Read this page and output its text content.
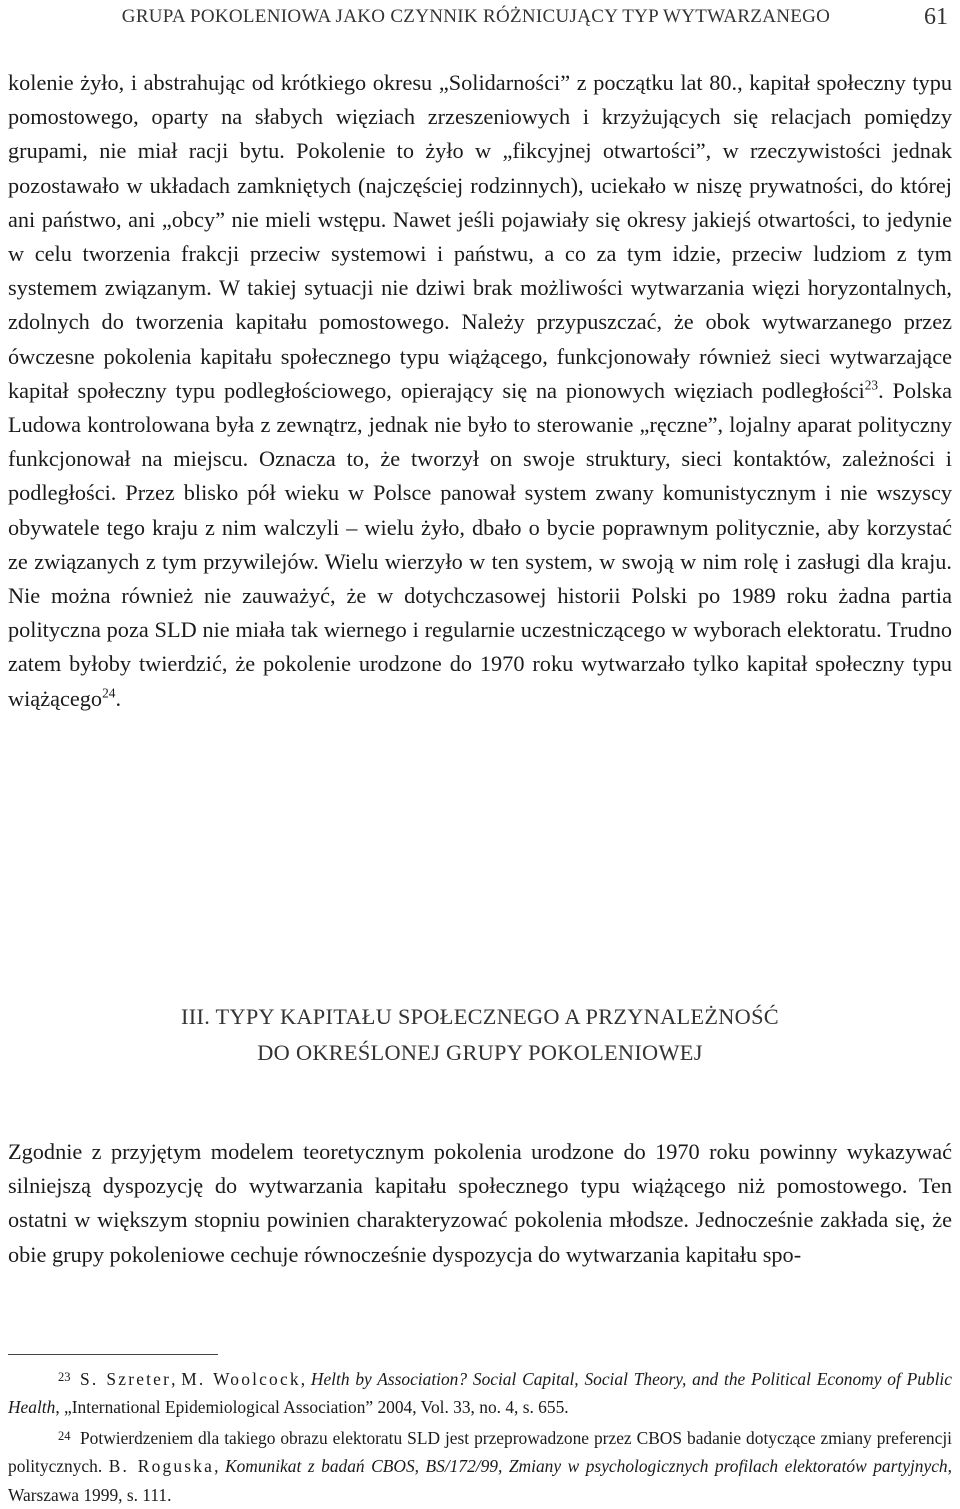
GRUPA POKOLENIOWA JAKO CZYNNIK RÓŻNICUJĄCY TYP WYTWARZANEGO	61

kolenie żyło, i abstrahując od krótkiego okresu „Solidarności” z początku lat 80., kapitał społeczny typu pomostowego, oparty na słabych więziach zrzeszeniowych i krzyżujących się relacjach pomiędzy grupami, nie miał racji bytu. Pokolenie to żyło w „fikcyjnej otwartości”, w rzeczywistości jednak pozostawało w układach zamkniętych (najczęściej rodzinnych), uciekało w niszę prywatności, do której ani państwo, ani „obcy” nie mieli wstępu. Nawet jeśli pojawiały się okresy jakiejś otwartości, to jedynie w celu tworzenia frakcji przeciw systemowi i państwu, a co za tym idzie, przeciw ludziom z tym systemem związanym. W takiej sytuacji nie dziwi brak możliwości wytwarzania więzi horyzontalnych, zdolnych do tworzenia kapitału pomostowego. Należy przypuszczać, że obok wytwarzanego przez ówczesne pokolenia kapitału społecznego typu wiążącego, funkcjonowały również sieci wytwarzające kapitał społeczny typu podległościowego, opierający się na pionowych więziach podległości$^{23}$. Polska Ludowa kontrolowana była z zewnątrz, jednak nie było to sterowanie „ręczne”, lojalny aparat polityczny funkcjonował na miejscu. Oznacza to, że tworzył on swoje struktury, sieci kontaktów, zależności i podległości. Przez blisko pół wieku w Polsce panował system zwany komunistycznym i nie wszyscy obywatele tego kraju z nim walczyli – wielu żyło, dbało o bycie poprawnym politycznie, aby korzystać ze związanych z tym przywilejów. Wielu wierzyło w ten system, w swoją w nim rolę i zasługi dla kraju. Nie można również nie zauważyć, że w dotychczasowej historii Polski po 1989 roku żadna partia polityczna poza SLD nie miała tak wiernego i regularnie uczestniczącego w wyborach elektoratu. Trudno zatem byłoby twierdzić, że pokolenie urodzone do 1970 roku wytwarzało tylko kapitał społeczny typu wiążącego$^{24}$.

III. TYPY KAPITAŁU SPOŁECZNEGO A PRZYNALEŻNOŚĆ
DO OKREŚLONEJ GRUPY POKOLENIOWEJ

Zgodnie z przyjętym modelem teoretycznym pokolenia urodzone do 1970 roku powinny wykazywać silniejszą dyspozycję do wytwarzania kapitału społecznego typu wiążącego niż pomostowego. Ten ostatni w większym stopniu powinien charakteryzować pokolenia młodsze. Jednocześnie zakłada się, że obie grupy pokoleniowe cechuje równocześnie dyspozycja do wytwarzania kapitału spo-

23 S. Szreter, M. Woolcock, Helth by Association? Social Capital, Social Theory, and the Political Economy of Public Health, „International Epidemiological Association” 2004, Vol. 33, no. 4, s. 655.

24 Potwierdzeniem dla takiego obrazu elektoratu SLD jest przeprowadzone przez CBOS badanie dotyczące zmiany preferencji politycznych. B. Roguska, Komunikat z badań CBOS, BS/172/99, Zmiany w psychologicznych profilach elektoratów partyjnych, Warszawa 1999, s. 111.
